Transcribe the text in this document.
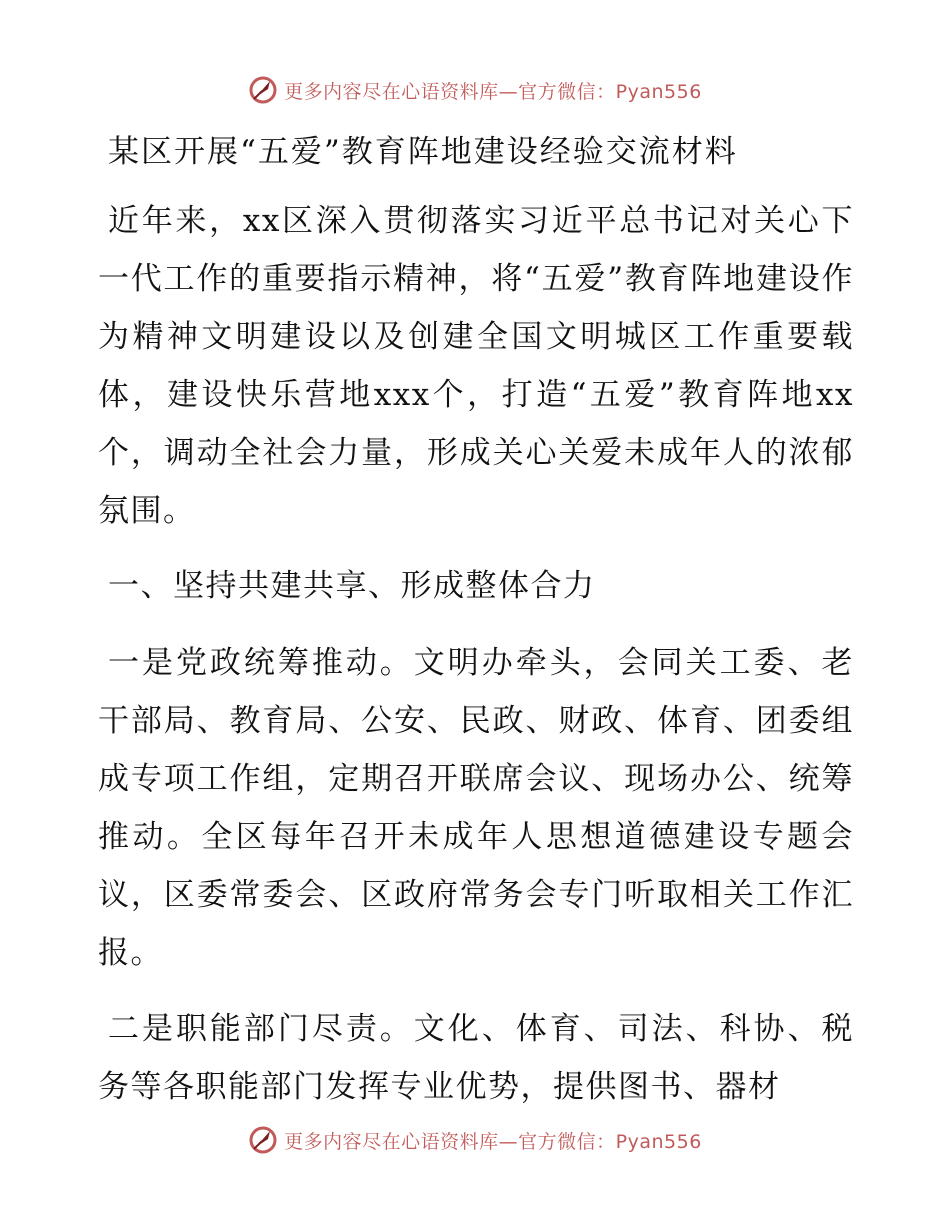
更多内容尽在心语资料库—官方微信：Pyan556
某区开展“五爱”教育阵地建设经验交流材料

近年来，xx区深入贯彻落实习近平总书记对关心下一代工作的重要指示精神，将“五爱”教育阵地建设作为精神文明建设以及创建全国文明城区工作重要载体，建设快乐营地xxx个，打造“五爱”教育阵地xx个，调动全社会力量，形成关心关爱未成年人的浓郁氛围。

一、坚持共建共享、形成整体合力

一是党政统筹推动。文明办牵头，会同关工委、老干部局、教育局、公安、民政、财政、体育、团委组成专项工作组，定期召开联席会议、现场办公、统筹推动。全区每年召开未成年人思想道德建设专题会议，区委常委会、区政府常务会专门听取相关工作汇报。

二是职能部门尽责。文化、体育、司法、科协、税务等各职能部门发挥专业优势，提供图书、器材

更多内容尽在心语资料库—官方微信：Pyan556
